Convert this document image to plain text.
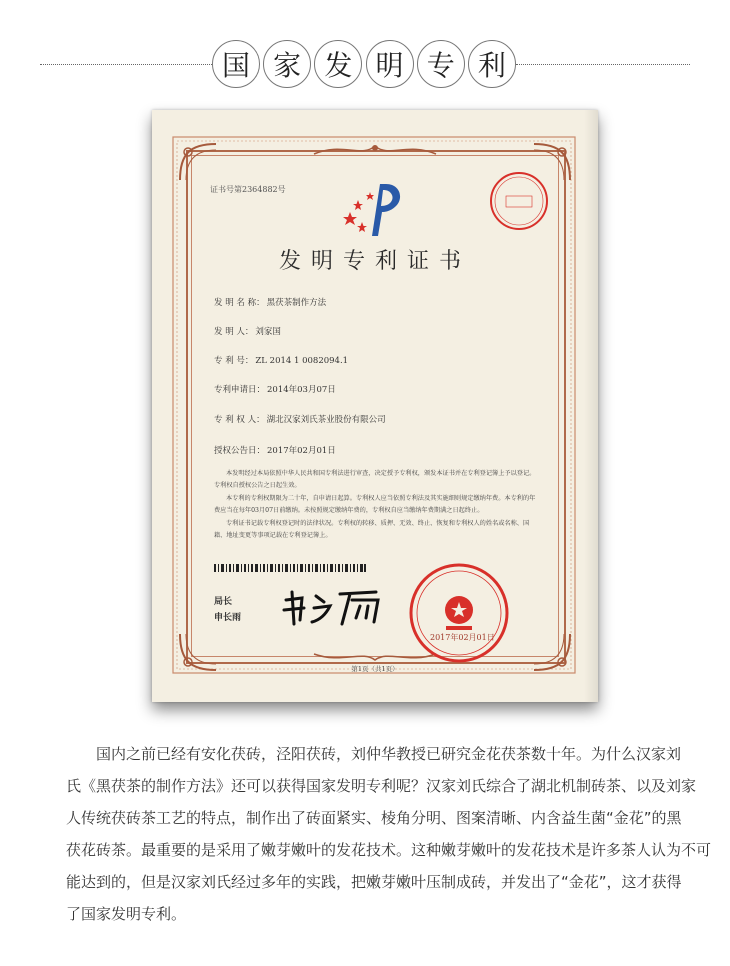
国 家 发 明 专 利
证书号第2364882号
发明专利证书
发 明 名 称： 黑茯茶制作方法
发 明 人： 刘家国
专 利 号： ZL 2014 1 0082094.1
专利申请日： 2014年03月07日
专 利 权 人： 湖北汉家刘氏茶业股份有限公司
授权公告日： 2017年02月01日

本发明经过本局依照中华人民共和国专利法进行审查，决定授予专利权，颁发本证书并在专利登记簿上予以登记。专利权自授权公告之日起生效。

本专利的专利权期限为二十年，自申请日起算。专利权人应当依照专利法及其实施细则规定缴纳年费。本专利的年费应当在每年03月07日前缴纳。未按照规定缴纳年费的，专利权自应当缴纳年费期满之日起终止。

专利证书记载专利权登记时的法律状况。专利权的转移、质押、无效、终止、恢复和专利权人的姓名或名称、国籍、地址变更等事项记载在专利登记簿上。

局长
申长雨
2017年02月01日
第1页（共1页）
国内之前已经有安化茯砖，泾阳茯砖，刘仲华教授已研究金花茯茶数十年。为什么汉家刘
氏《黑茯茶的制作方法》还可以获得国家发明专利呢？汉家刘氏综合了湖北机制砖茶、以及刘家
人传统茯砖茶工艺的特点，制作出了砖面紧实、棱角分明、图案清晰、内含益生菌“金花”的黑
茯花砖茶。最重要的是采用了嫩芽嫩叶的发花技术。这种嫩芽嫩叶的发花技术是许多茶人认为不可
能达到的，但是汉家刘氏经过多年的实践，把嫩芽嫩叶压制成砖，并发出了“金花”，这才获得
了国家发明专利。
